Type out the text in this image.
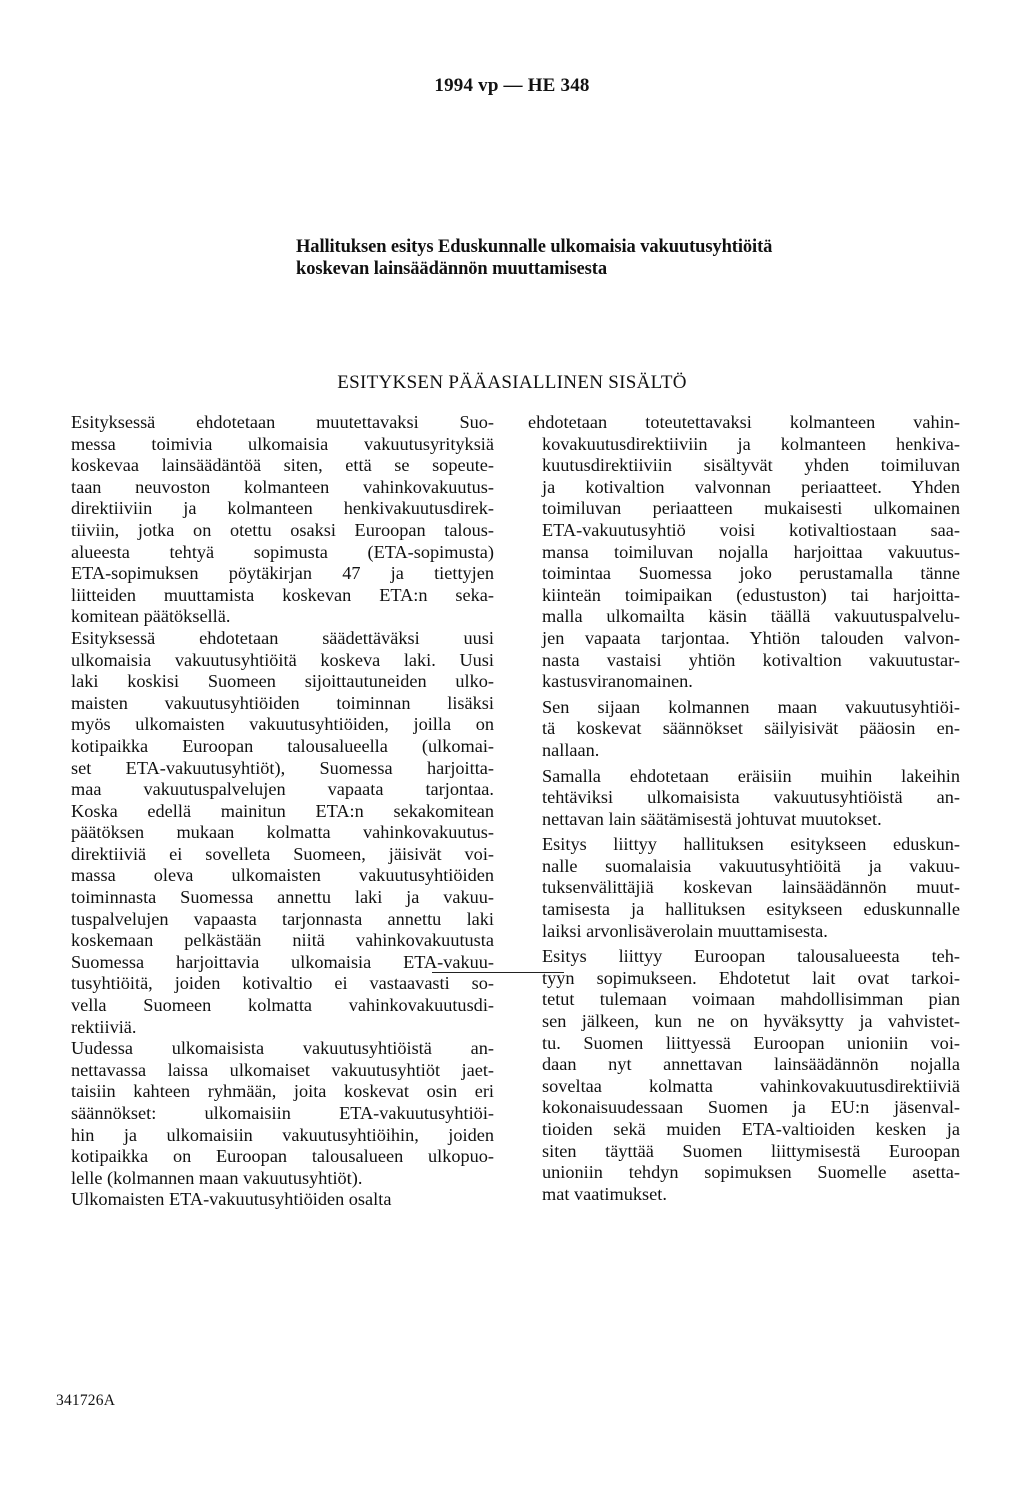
1994 vp — HE 348
Hallituksen esitys Eduskunnalle ulkomaisia vakuutusyhtiöitä
koskevan lainsäädännön muuttamisesta
ESITYKSEN PÄÄASIALLINEN SISÄLTÖ

Esityksessä ehdotetaan muutettavaksi Suo-
messa toimivia ulkomaisia vakuutusyrityksiä
koskevaa lainsäädäntöä siten, että se sopeute-
taan neuvoston kolmanteen vahinkovakuutus-
direktiiviin ja kolmanteen henkivakuutusdirek-
tiiviin, jotka on otettu osaksi Euroopan talous-
alueesta tehtyä sopimusta (ETA-sopimusta)
ETA-sopimuksen pöytäkirjan 47 ja tiettyjen
liitteiden muuttamista koskevan ETA:n seka-
komitean päätöksellä.

Esityksessä ehdotetaan säädettäväksi uusi
ulkomaisia vakuutusyhtiöitä koskeva laki. Uusi
laki koskisi Suomeen sijoittautuneiden ulko-
maisten vakuutusyhtiöiden toiminnan lisäksi
myös ulkomaisten vakuutusyhtiöiden, joilla on
kotipaikka Euroopan talousalueella (ulkomai-
set ETA-vakuutusyhtiöt), Suomessa harjoitta-
maa vakuutuspalvelujen vapaata tarjontaa.
Koska edellä mainitun ETA:n sekakomitean
päätöksen mukaan kolmatta vahinkovakuutus-
direktiiviä ei sovelleta Suomeen, jäisivät voi-
massa oleva ulkomaisten vakuutusyhtiöiden
toiminnasta Suomessa annettu laki ja vakuu-
tuspalvelujen vapaasta tarjonnasta annettu laki
koskemaan pelkästään niitä vahinkovakuutusta
Suomessa harjoittavia ulkomaisia ETA-vakuu-
tusyhtiöitä, joiden kotivaltio ei vastaavasti so-
vella Suomeen kolmatta vahinkovakuutusdi-
rektiiviä.

Uudessa ulkomaisista vakuutusyhtiöistä an-
nettavassa laissa ulkomaiset vakuutusyhtiöt jaet-
taisiin kahteen ryhmään, joita koskevat osin eri
säännökset: ulkomaisiin ETA-vakuutusyhtiöi-
hin ja ulkomaisiin vakuutusyhtiöihin, joiden
kotipaikka on Euroopan talousalueen ulkopuo-
lelle (kolmannen maan vakuutusyhtiöt).

Ulkomaisten ETA-vakuutusyhtiöiden osalta

ehdotetaan toteutettavaksi kolmanteen vahin-
kovakuutusdirektiiviin ja kolmanteen henkiva-
kuutusdirektiiviin sisältyvät yhden toimiluvan
ja kotivaltion valvonnan periaatteet. Yhden
toimiluvan periaatteen mukaisesti ulkomainen
ETA-vakuutusyhtiö voisi kotivaltiostaan saa-
mansa toimiluvan nojalla harjoittaa vakuutus-
toimintaa Suomessa joko perustamalla tänne
kiinteän toimipaikan (edustuston) tai harjoitta-
malla ulkomailta käsin täällä vakuutuspalvelu-
jen vapaata tarjontaa. Yhtiön talouden valvon-
nasta vastaisi yhtiön kotivaltion vakuutustar-
kastusviranomainen.

Sen sijaan kolmannen maan vakuutusyhtiöi-
tä koskevat säännökset säilyisivät pääosin en-
nallaan.

Samalla ehdotetaan eräisiin muihin lakeihin
tehtäviksi ulkomaisista vakuutusyhtiöistä an-
nettavan lain säätämisestä johtuvat muutokset.

Esitys liittyy hallituksen esitykseen eduskun-
nalle suomalaisia vakuutusyhtiöitä ja vakuu-
tuksenvälittäjiä koskevan lainsäädännön muut-
tamisesta ja hallituksen esitykseen eduskunnalle
laiksi arvonlisäverolain muuttamisesta.

Esitys liittyy Euroopan talousalueesta teh-
tyyn sopimukseen. Ehdotetut lait ovat tarkoi-
tetut tulemaan voimaan mahdollisimman pian
sen jälkeen, kun ne on hyväksytty ja vahvistet-
tu. Suomen liittyessä Euroopan unioniin voi-
daan nyt annettavan lainsäädännön nojalla
soveltaa kolmatta vahinkovakuutusdirektiiviä
kokonaisuudessaan Suomen ja EU:n jäsenval-
tioiden sekä muiden ETA-valtioiden kesken ja
siten täyttää Suomen liittymisestä Euroopan
unioniin tehdyn sopimuksen Suomelle asetta-
mat vaatimukset.

341726A
